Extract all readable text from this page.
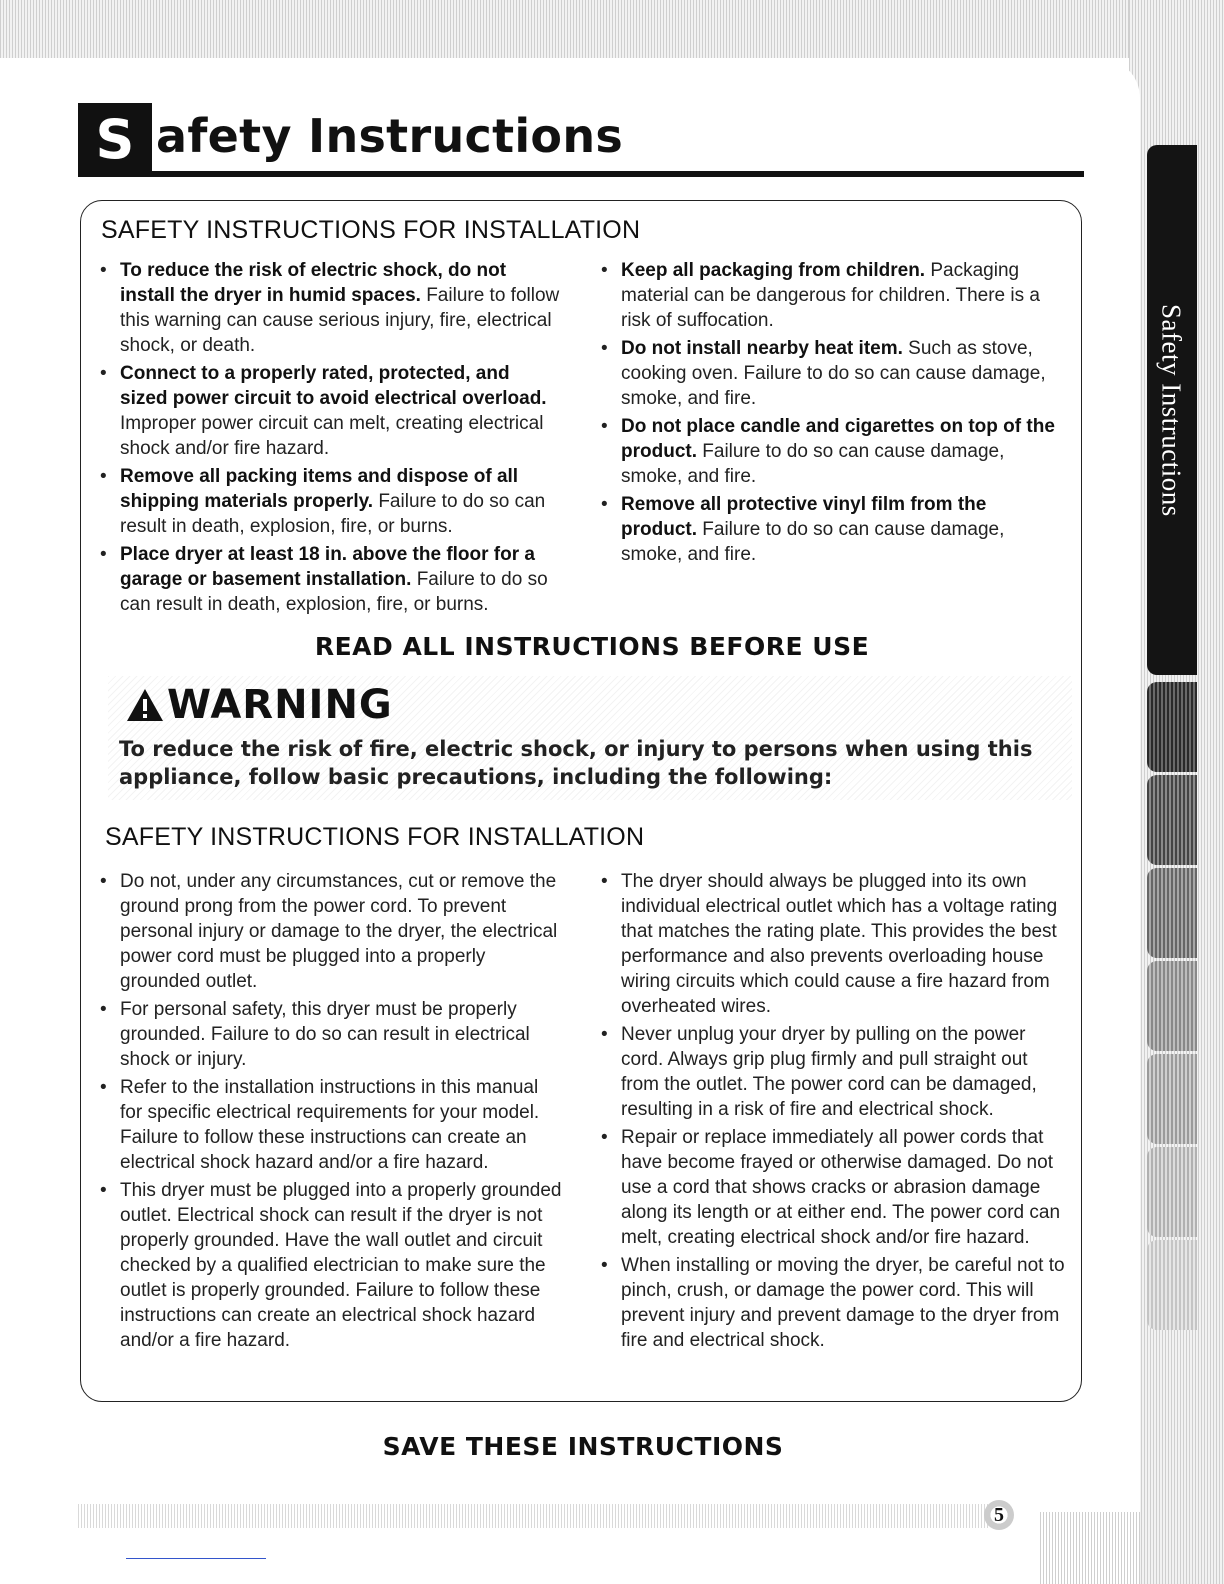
Safety Instructions
S afety Instructions
SAFETY INSTRUCTIONS FOR INSTALLATION
• To reduce the risk of electric shock, do not install the dryer in humid spaces. Failure to follow this warning can cause serious injury, fire, electrical shock, or death.
• Connect to a properly rated, protected, and sized power circuit to avoid electrical overload. Improper power circuit can melt, creating electrical shock and/or fire hazard.
• Remove all packing items and dispose of all shipping materials properly. Failure to do so can result in death, explosion, fire, or burns.
• Place dryer at least 18 in. above the floor for a garage or basement installation. Failure to do so can result in death, explosion, fire, or burns.
• Keep all packaging from children. Packaging material can be dangerous for children. There is a risk of suffocation.
• Do not install nearby heat item. Such as stove, cooking oven. Failure to do so can cause damage, smoke, and fire.
• Do not place candle and cigarettes on top of the product. Failure to do so can cause damage, smoke, and fire.
• Remove all protective vinyl film from the product. Failure to do so can cause damage, smoke, and fire.
READ ALL INSTRUCTIONS BEFORE USE
WARNING
To reduce the risk of fire, electric shock, or injury to persons when using this
appliance, follow basic precautions, including the following:
SAFETY INSTRUCTIONS FOR INSTALLATION
• Do not, under any circumstances, cut or remove the ground prong from the power cord. To prevent personal injury or damage to the dryer, the electrical power cord must be plugged into a properly grounded outlet.
• For personal safety, this dryer must be properly grounded. Failure to do so can result in electrical shock or injury.
• Refer to the installation instructions in this manual for specific electrical requirements for your model. Failure to follow these instructions can create an electrical shock hazard and/or a fire hazard.
• This dryer must be plugged into a properly grounded outlet. Electrical shock can result if the dryer is not properly grounded. Have the wall outlet and circuit checked by a qualified electrician to make sure the outlet is properly grounded. Failure to follow these instructions can create an electrical shock hazard and/or a fire hazard.
• The dryer should always be plugged into its own individual electrical outlet which has a voltage rating that matches the rating plate. This provides the best performance and also prevents overloading house wiring circuits which could cause a fire hazard from overheated wires.
• Never unplug your dryer by pulling on the power cord. Always grip plug firmly and pull straight out from the outlet. The power cord can be damaged, resulting in a risk of fire and electrical shock.
• Repair or replace immediately all power cords that have become frayed or otherwise damaged. Do not use a cord that shows cracks or abrasion damage along its length or at either end. The power cord can melt, creating electrical shock and/or fire hazard.
• When installing or moving the dryer, be careful not to pinch, crush, or damage the power cord. This will prevent injury and prevent damage to the dryer from fire and electrical shock.
SAVE THESE INSTRUCTIONS
5
